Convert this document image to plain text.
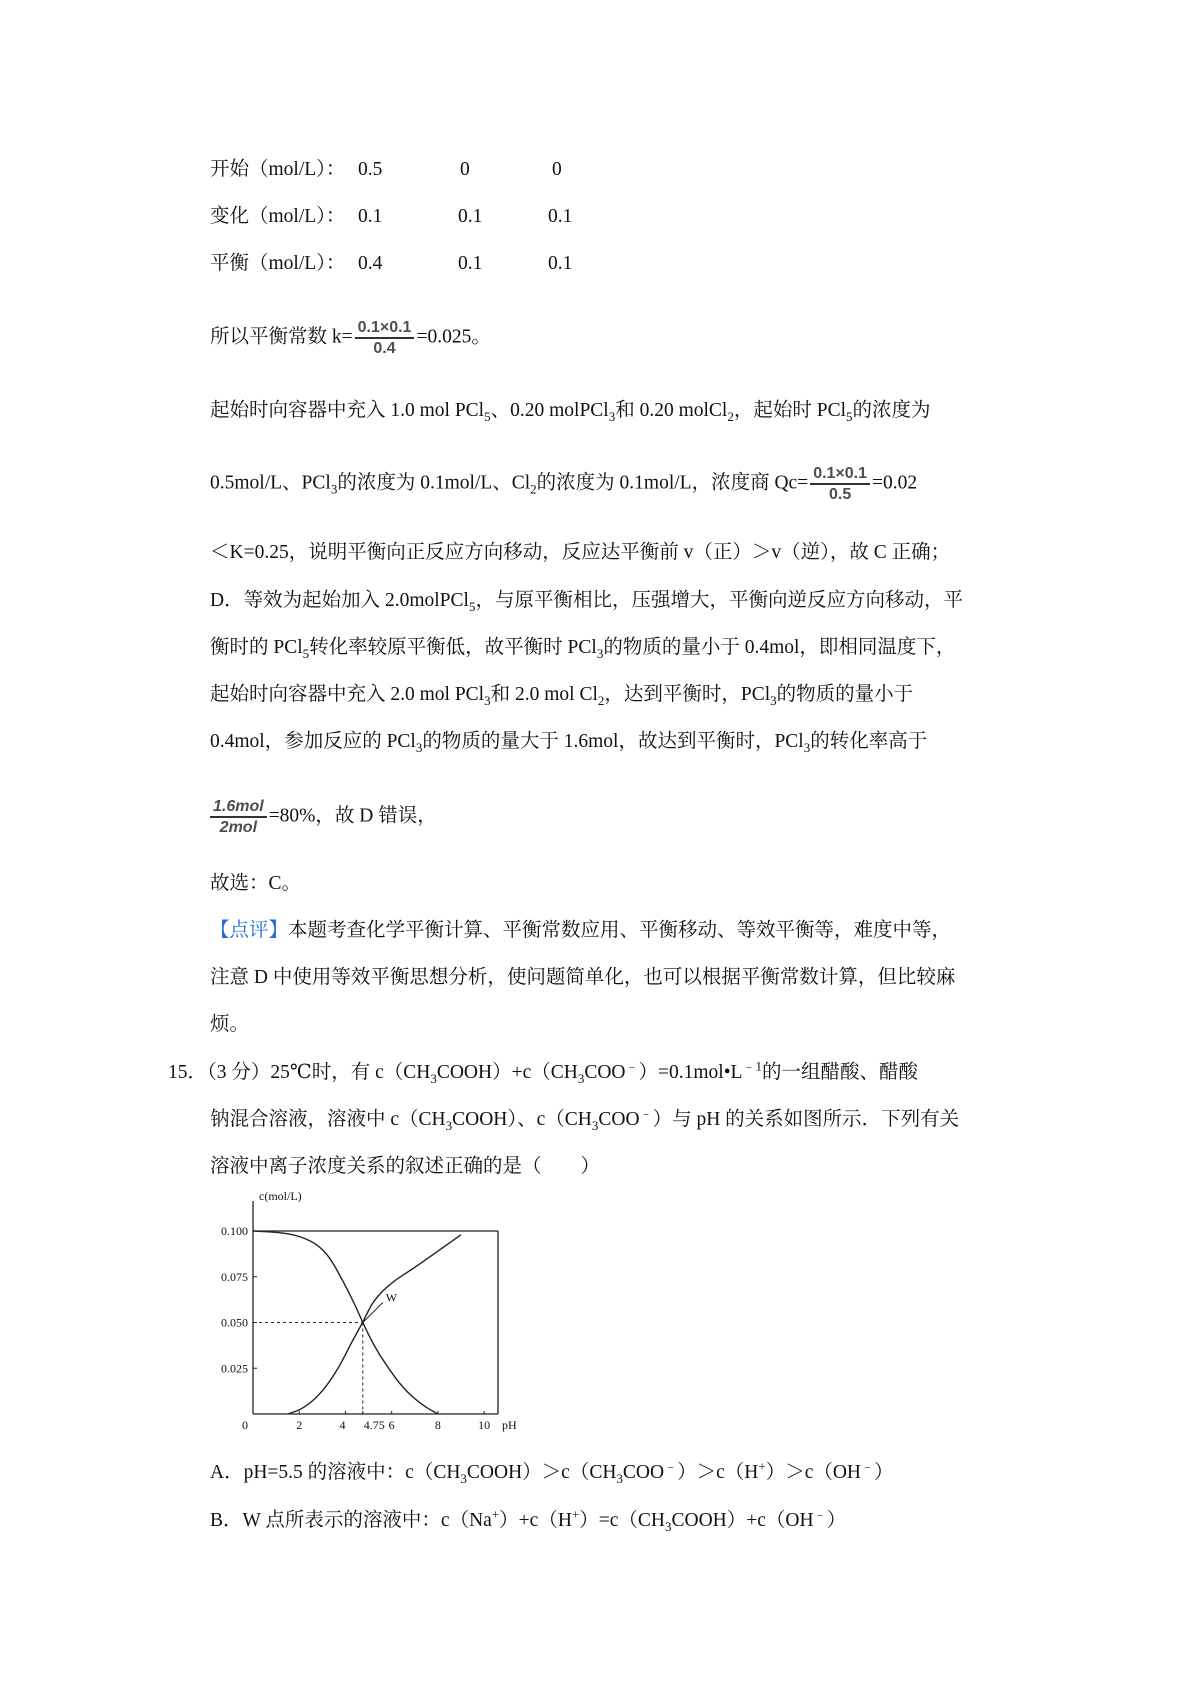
开始（mol/L）： 0.5	0	0
变化（mol/L）： 0.1	0.1	0.1
平衡（mol/L）： 0.4	0.1	0.1
所以平衡常数 $k= \frac{0.1\times 0.1}{0.4} =0.025$。
起始时向容器中充入 1.0 mol PCl$_5$、0.20 molPCl$_3$和 0.20 molCl$_2$，起始时 PCl$_5$的浓度为
0.5mol/L、PCl$_3$的浓度为 0.1mol/L、$Cl_2$的浓度为 0.1mol/L，浓度商 $Qc= \frac{0.1\times 0.1}{0.5} =0.02$
＜K=0.25，说明平衡向正反应方向移动，反应达平衡前 v（正）＞v（逆），故 C 正确；
D．等效为起始加入 2.0molPCl$_5$，与原平衡相比，压强增大，平衡向逆反应方向移动，平
衡时的 PCl$_5$转化率较原平衡低，故平衡时 PCl$_3$的物质的量小于 0.4mol，即相同温度下，
起始时向容器中充入 2.0 mol PCl$_3$和 2.0 mol $Cl_2$，达到平衡时，PCl$_3$的物质的量小于
0.4mol，参加反应的 PCl$_3$的物质的量大于 1.6mol，故达到平衡时，PCl$_3$的转化率高于
$\frac{\text{1.6mol}}{\text{2mol}} =80\%$，故 D 错误，
故选：C。
【点评】本题考查化学平衡计算、平衡常数应用、平衡移动、等效平衡等，难度中等，
注意 D 中使用等效平衡思想分析，使问题简单化，也可以根据平衡常数计算，但比较麻
烦。
15．（3 分）25℃时，有 $c(CH_3COOH)+c(CH_3COO^﹣)=0.1mol•L^{﹣1}$的一组醋酸、醋酸
钠混合溶液，溶液中 $c(CH_3COOH)$、$c(CH_3COO^﹣)$与 pH 的关系如图所示．下列有关
溶液中离子浓度关系的叙述正确的是（　　）
0.100
0.075
0.050
0.025
0	2	4 4.75 6	8	10
c(mol/L)
pH
W
A．pH=5.5 的溶液中：$c(CH_3COOH)>c(CH_3COO^﹣)>c(H^+)>c(OH^﹣)$
B．W 点所表示的溶液中：$c(Na^+)+c(H^+)=c(CH_3COOH)+c(OH^﹣)$
